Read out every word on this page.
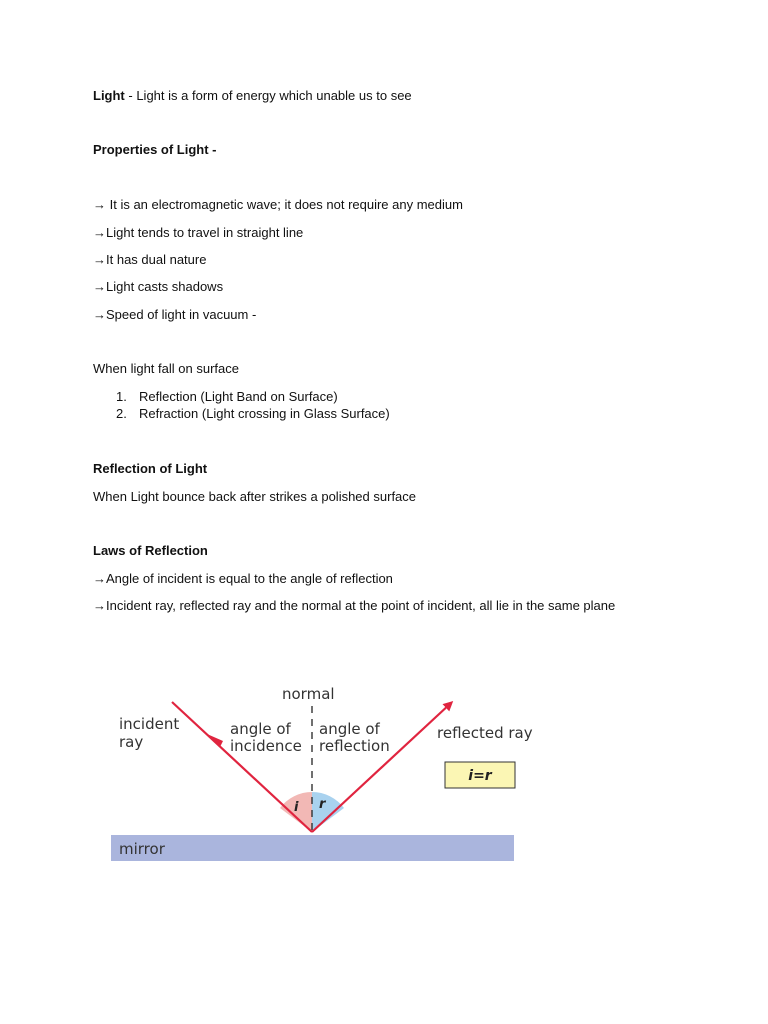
Light - Light is a form of energy which unable us to see
Properties of Light -
→ It is an electromagnetic wave; it does not require any medium
→Light tends to travel in straight line
→It has dual nature
→Light casts shadows
→Speed of light in vacuum -
When light fall on surface
1. Reflection (Light Band on Surface)
2. Refraction (Light crossing in Glass Surface)
Reflection of Light
When Light bounce back after strikes a polished surface
Laws of Reflection
→Angle of incident is equal to the angle of reflection
→Incident ray, reflected ray and the normal at the point of incident, all lie in the same plane
mirror
i r
normal
incident ray
angle of incidence
angle of reflection
reflected ray
i=r
